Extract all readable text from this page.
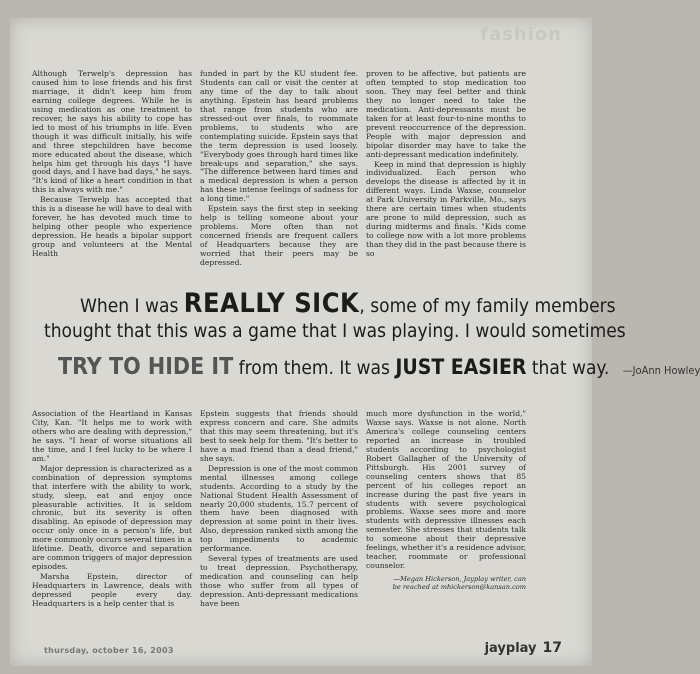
fashion

Although Terwelp's depression has caused him to lose friends and his first marriage, it didn't keep him from earning college degrees. While he is using medication as one treatment to recover, he says his ability to cope has led to most of his triumphs in life. Even though it was difficult initially, his wife and three stepchildren have become more educated about the disease, which helps him get through his days "I have good days, and I have bad days," he says. "It's kind of like a heart condition in that this is always with me."

Because Terwelp has accepted that this is a disease he will have to deal with forever, he has devoted much time to helping other people who experience depression. He heads a bipolar support group and volunteers at the Mental Health

funded in part by the KU student fee. Students can call or visit the center at any time of the day to talk about anything. Epstein has heard problems that range from students who are stressed-out over finals, to roommate problems, to students who are contemplating suicide. Epstein says that the term depression is used loosely. "Everybody goes through hard times like break-ups and separation," she says. "The difference between hard times and a medical depression is when a person has these intense feelings of sadness for a long time."

Epstein says the first step in seeking help is telling someone about your problems. More often than not concerned friends are frequent callers of Headquarters because they are worried that their peers may be depressed.

proven to be affective, but patients are often tempted to stop medication too soon. They may feel better and think they no longer need to take the medication. Anti-depressants must be taken for at least four-to-nine months to prevent reoccurrence of the depression. People with major depression and bipolar disorder may have to take the anti-depressant medication indefinitely.

Keep in mind that depression is highly individualized. Each person who develops the disease is affected by it in different ways. Linda Waxse, counselor at Park University in Parkville, Mo., says there are certain times when students are prone to mild depression, such as during midterms and finals. "Kids come to college now with a lot more problems than they did in the past because there is so

When I was REALLY SICK, some of my family members
thought that this was a game that I was playing. I would sometimes
TRY TO HIDE IT from them. It was JUST EASIER that way. —JoAnn Howley

Association of the Heartland in Kansas City, Kan. "It helps me to work with others who are dealing with depression," he says. "I hear of worse situations all the time, and I feel lucky to be where I am."

Major depression is characterized as a combination of depression symptoms that interfere with the ability to work, study, sleep, eat and enjoy once pleasurable activities. It is seldom chronic, but its severity is often disabling. An episode of depression may occur only once in a person's life, but more commonly occurs several times in a lifetime. Death, divorce and separation are common triggers of major depression episodes.

Marsha Epstein, director of Headquarters in Lawrence, deals with depressed people every day. Headquarters is a help center that is

Epstein suggests that friends should express concern and care. She admits that this may seem threatening, but it's best to seek help for them. "It's better to have a mad friend than a dead friend," she says.

Depression is one of the most common mental illnesses among college students. According to a study by the National Student Health Assessment of nearly 20,000 students, 15.7 percent of them have been diagnosed with depression at some point in their lives. Also, depression ranked sixth among the top impediments to academic performance.

Several types of treatments are used to treat depression. Psychotherapy, medication and counseling can help those who suffer from all types of depression. Anti-depressant medications have been

much more dysfunction in the world," Waxse says. Waxse is not alone. North America's college counseling centers reported an increase in troubled students according to psychologist Robert Gallagher of the University of Pittsburgh. His 2001 survey of counseling centers shows that 85 percent of his colleges report an increase during the past five years in students with severe psychological problems. Waxse sees more and more students with depressive illnesses each semester. She stresses that students talk to someone about their depressive feelings, whether it's a residence advisor, teacher, roommate or professional counselor.

—Megan Hickerson, Jayplay writer, can
be reached at mhickerson@kansan.com
thursday, october 16, 2003	jayplay 17
